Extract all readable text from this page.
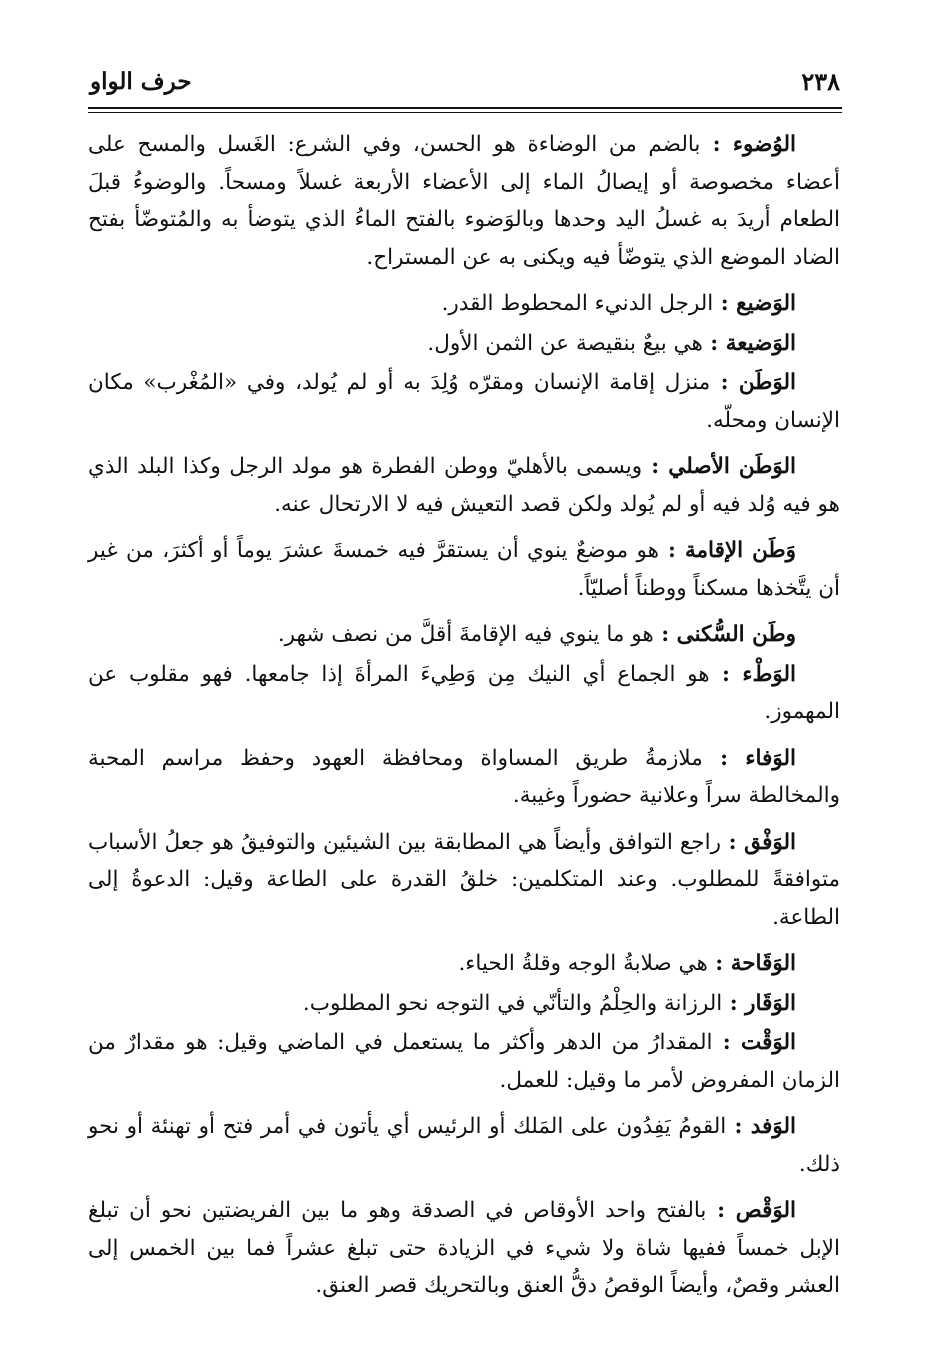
٢٣٨
حرف الواو

الوُضوء : بالضم من الوضاءة هو الحسن، وفي الشرع: الغَسل والمسح على أعضاء مخصوصة أو إيصالُ الماء إلى الأعضاء الأربعة غسلاً ومسحاً. والوضوءُ قبلَ الطعام أريدَ به غسلُ اليد وحدها وبالوَضوء بالفتح الماءُ الذي يتوضأ به والمُتوضّأ بفتح الضاد الموضع الذي يتوضّأ فيه ويكنى به عن المستراح.

الوَضيع : الرجل الدنيء المحطوط القدر.

الوَضيعة : هي بيعٌ بنقيصة عن الثمن الأول.

الوَطَن : منزل إقامة الإنسان ومقرّه وُلِدَ به أو لم يُولد، وفي «المُغْرب» مكان الإنسان ومحلّه.

الوَطَن الأصلي : ويسمى بالأهليّ ووطن الفطرة هو مولد الرجل وكذا البلد الذي هو فيه وُلد فيه أو لم يُولد ولكن قصد التعيش فيه لا الارتحال عنه.

وَطَن الإقامة : هو موضعٌ ينوي أن يستقرَّ فيه خمسةَ عشرَ يوماً أو أكثرَ، من غير أن يتَّخذها مسكناً ووطناً أصليّاً.

وطَن السُّكنى : هو ما ينوي فيه الإقامةَ أقلَّ من نصف شهر.

الوَطْء : هو الجماع أي النيك مِن وَطِيءَ المرأةَ إذا جامعها. فهو مقلوب عن المهموز.

الوَفاء : ملازمةُ طريق المساواة ومحافظة العهود وحفظ مراسم المحبة والمخالطة سراً وعلانية حضوراً وغيبة.

الوَفْق : راجع التوافق وأيضاً هي المطابقة بين الشيئين والتوفيقُ هو جعلُ الأسباب متوافقةً للمطلوب. وعند المتكلمين: خلقُ القدرة على الطاعة وقيل: الدعوةُ إلى الطاعة.

الوَقَاحة : هي صلابةُ الوجه وقلةُ الحياء.

الوَقَار : الرزانة والحِلْمُ والتأنّي في التوجه نحو المطلوب.

الوَقْت : المقدارُ من الدهر وأكثر ما يستعمل في الماضي وقيل: هو مقدارٌ من الزمان المفروض لأمر ما وقيل: للعمل.

الوَفد : القومُ يَفِدُون على المَلك أو الرئيس أي يأتون في أمر فتح أو تهنئة أو نحو ذلك.

الوَقْص : بالفتح واحد الأوقاص في الصدقة وهو ما بين الفريضتين نحو أن تبلغ الإبل خمساً ففيها شاة ولا شيء في الزيادة حتى تبلغ عشراً فما بين الخمس إلى العشر وقصٌ، وأيضاً الوقصُ دقُّ العنق وبالتحريك قصر العنق.
